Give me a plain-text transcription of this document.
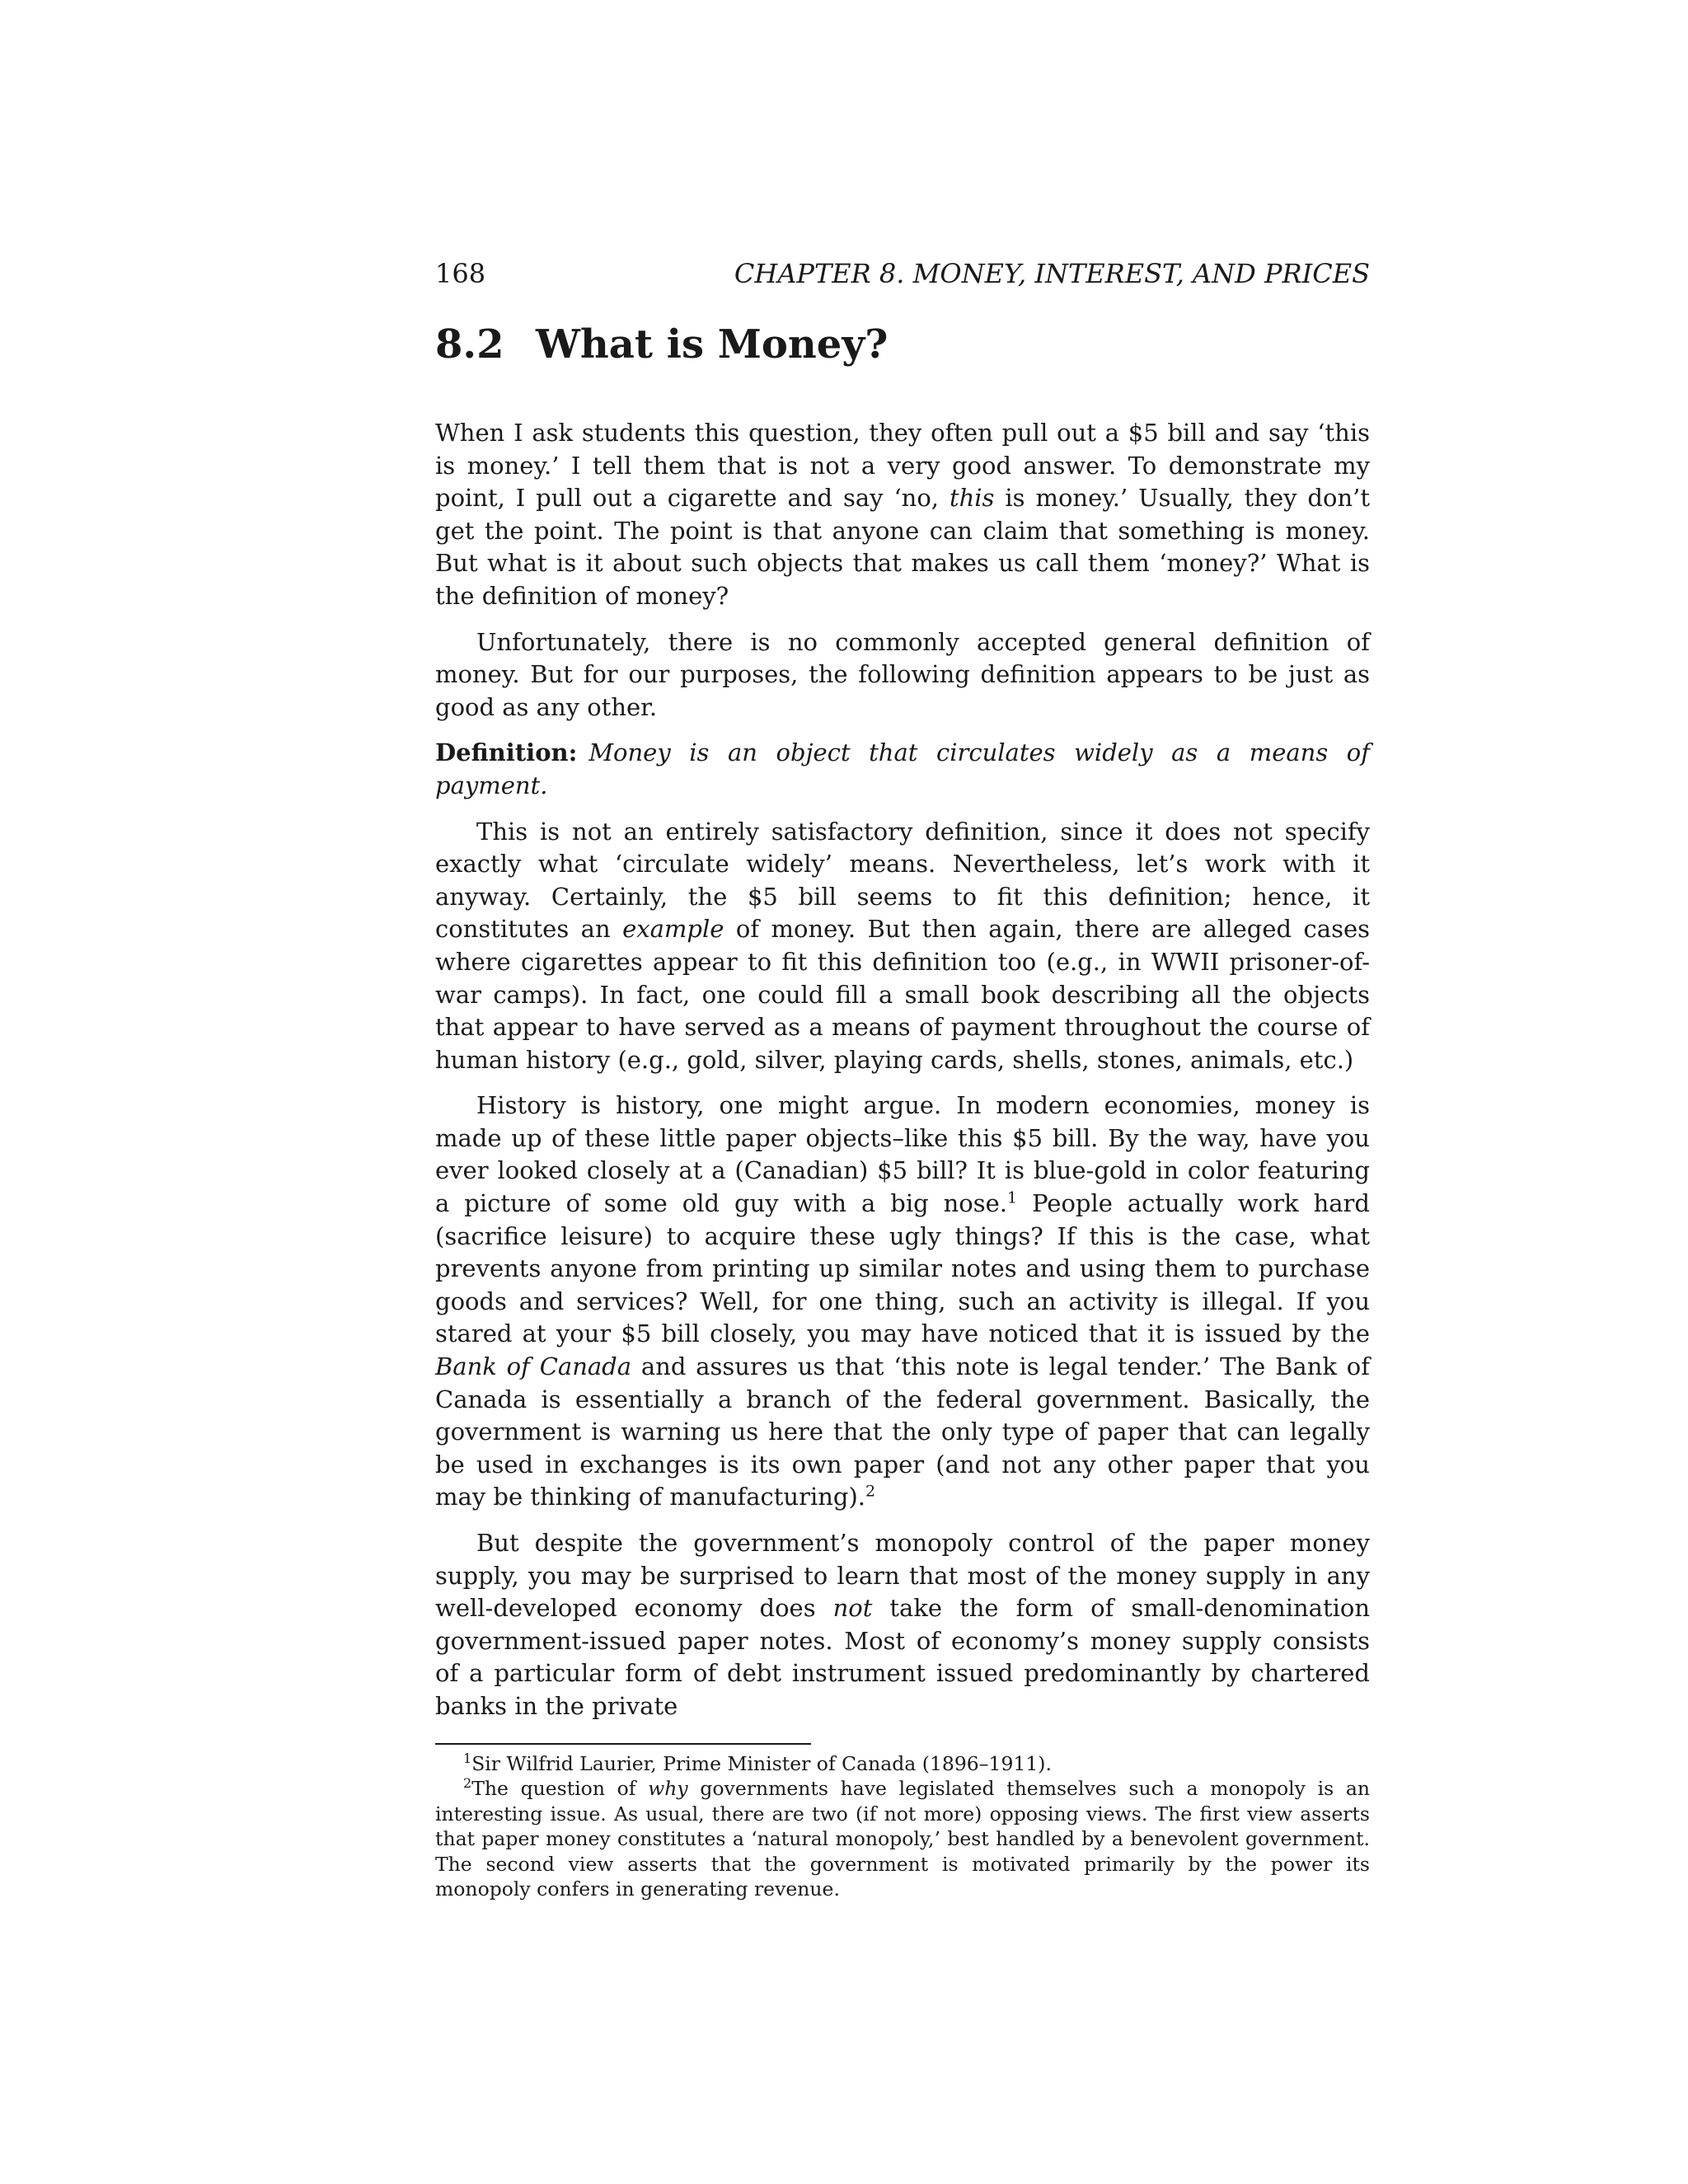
168	CHAPTER 8. MONEY, INTEREST, AND PRICES
8.2 What is Money?

When I ask students this question, they often pull out a $5 bill and say ‘this is money.’ I tell them that is not a very good answer. To demonstrate my point, I pull out a cigarette and say ‘no, this is money.’ Usually, they don’t get the point. The point is that anyone can claim that something is money. But what is it about such objects that makes us call them ‘money?’ What is the definition of money?

Unfortunately, there is no commonly accepted general definition of money. But for our purposes, the following definition appears to be just as good as any other.

Definition: Money is an object that circulates widely as a means of payment.

This is not an entirely satisfactory definition, since it does not specify exactly what ‘circulate widely’ means. Nevertheless, let’s work with it anyway. Certainly, the $5 bill seems to fit this definition; hence, it constitutes an example of money. But then again, there are alleged cases where cigarettes appear to fit this definition too (e.g., in WWII prisoner-of-war camps). In fact, one could fill a small book describing all the objects that appear to have served as a means of payment throughout the course of human history (e.g., gold, silver, playing cards, shells, stones, animals, etc.)

History is history, one might argue. In modern economies, money is made up of these little paper objects–like this $5 bill. By the way, have you ever looked closely at a (Canadian) $5 bill? It is blue-gold in color featuring a picture of some old guy with a big nose.$^1$ People actually work hard (sacrifice leisure) to acquire these ugly things? If this is the case, what prevents anyone from printing up similar notes and using them to purchase goods and services? Well, for one thing, such an activity is illegal. If you stared at your $5 bill closely, you may have noticed that it is issued by the Bank of Canada and assures us that ‘this note is legal tender.’ The Bank of Canada is essentially a branch of the federal government. Basically, the government is warning us here that the only type of paper that can legally be used in exchanges is its own paper (and not any other paper that you may be thinking of manufacturing).$^2$

But despite the government’s monopoly control of the paper money supply, you may be surprised to learn that most of the money supply in any well-developed economy does not take the form of small-denomination government-issued paper notes. Most of economy’s money supply consists of a particular form of debt instrument issued predominantly by chartered banks in the private

$^1$Sir Wilfrid Laurier, Prime Minister of Canada (1896–1911).

$^2$The question of why governments have legislated themselves such a monopoly is an interesting issue. As usual, there are two (if not more) opposing views. The first view asserts that paper money constitutes a ‘natural monopoly,’ best handled by a benevolent government. The second view asserts that the government is motivated primarily by the power its monopoly confers in generating revenue.
